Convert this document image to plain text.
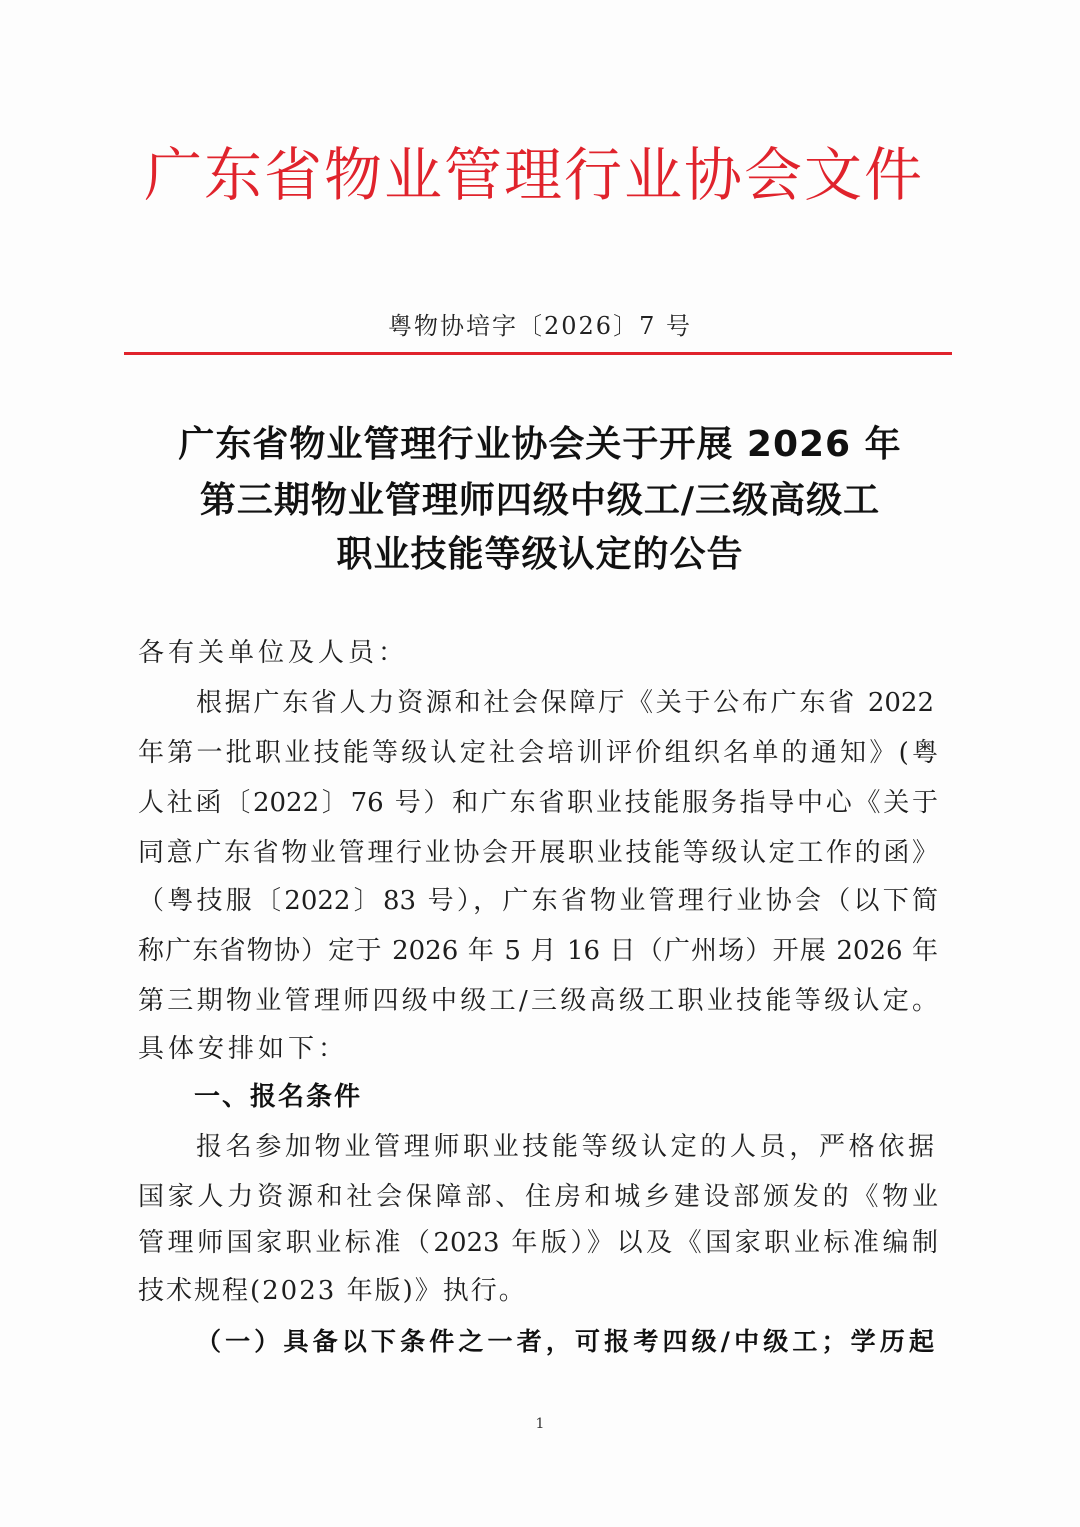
广东省物业管理行业协会文件
粤物协培字〔2026〕7 号
广东省物业管理行业协会关于开展 2026 年
第三期物业管理师四级中级工/三级高级工
职业技能等级认定的公告
各有关单位及人员：
根据广东省人力资源和社会保障厅《关于公布广东省 2022
年第一批职业技能等级认定社会培训评价组织名单的通知》(粤
人社函〔2022〕76 号）和广东省职业技能服务指导中心《关于
同意广东省物业管理行业协会开展职业技能等级认定工作的函》
（粤技服〔2022〕83 号），广东省物业管理行业协会（以下简
称广东省物协）定于 2026 年 5 月 16 日（广州场）开展 2026 年
第三期物业管理师四级中级工/三级高级工职业技能等级认定。
具体安排如下：
一、报名条件
报名参加物业管理师职业技能等级认定的人员，严格依据
国家人力资源和社会保障部、住房和城乡建设部颁发的《物业
管理师国家职业标准（2023 年版）》以及《国家职业标准编制
技术规程(2023 年版)》执行。
（一）具备以下条件之一者，可报考四级/中级工；学历起
1
